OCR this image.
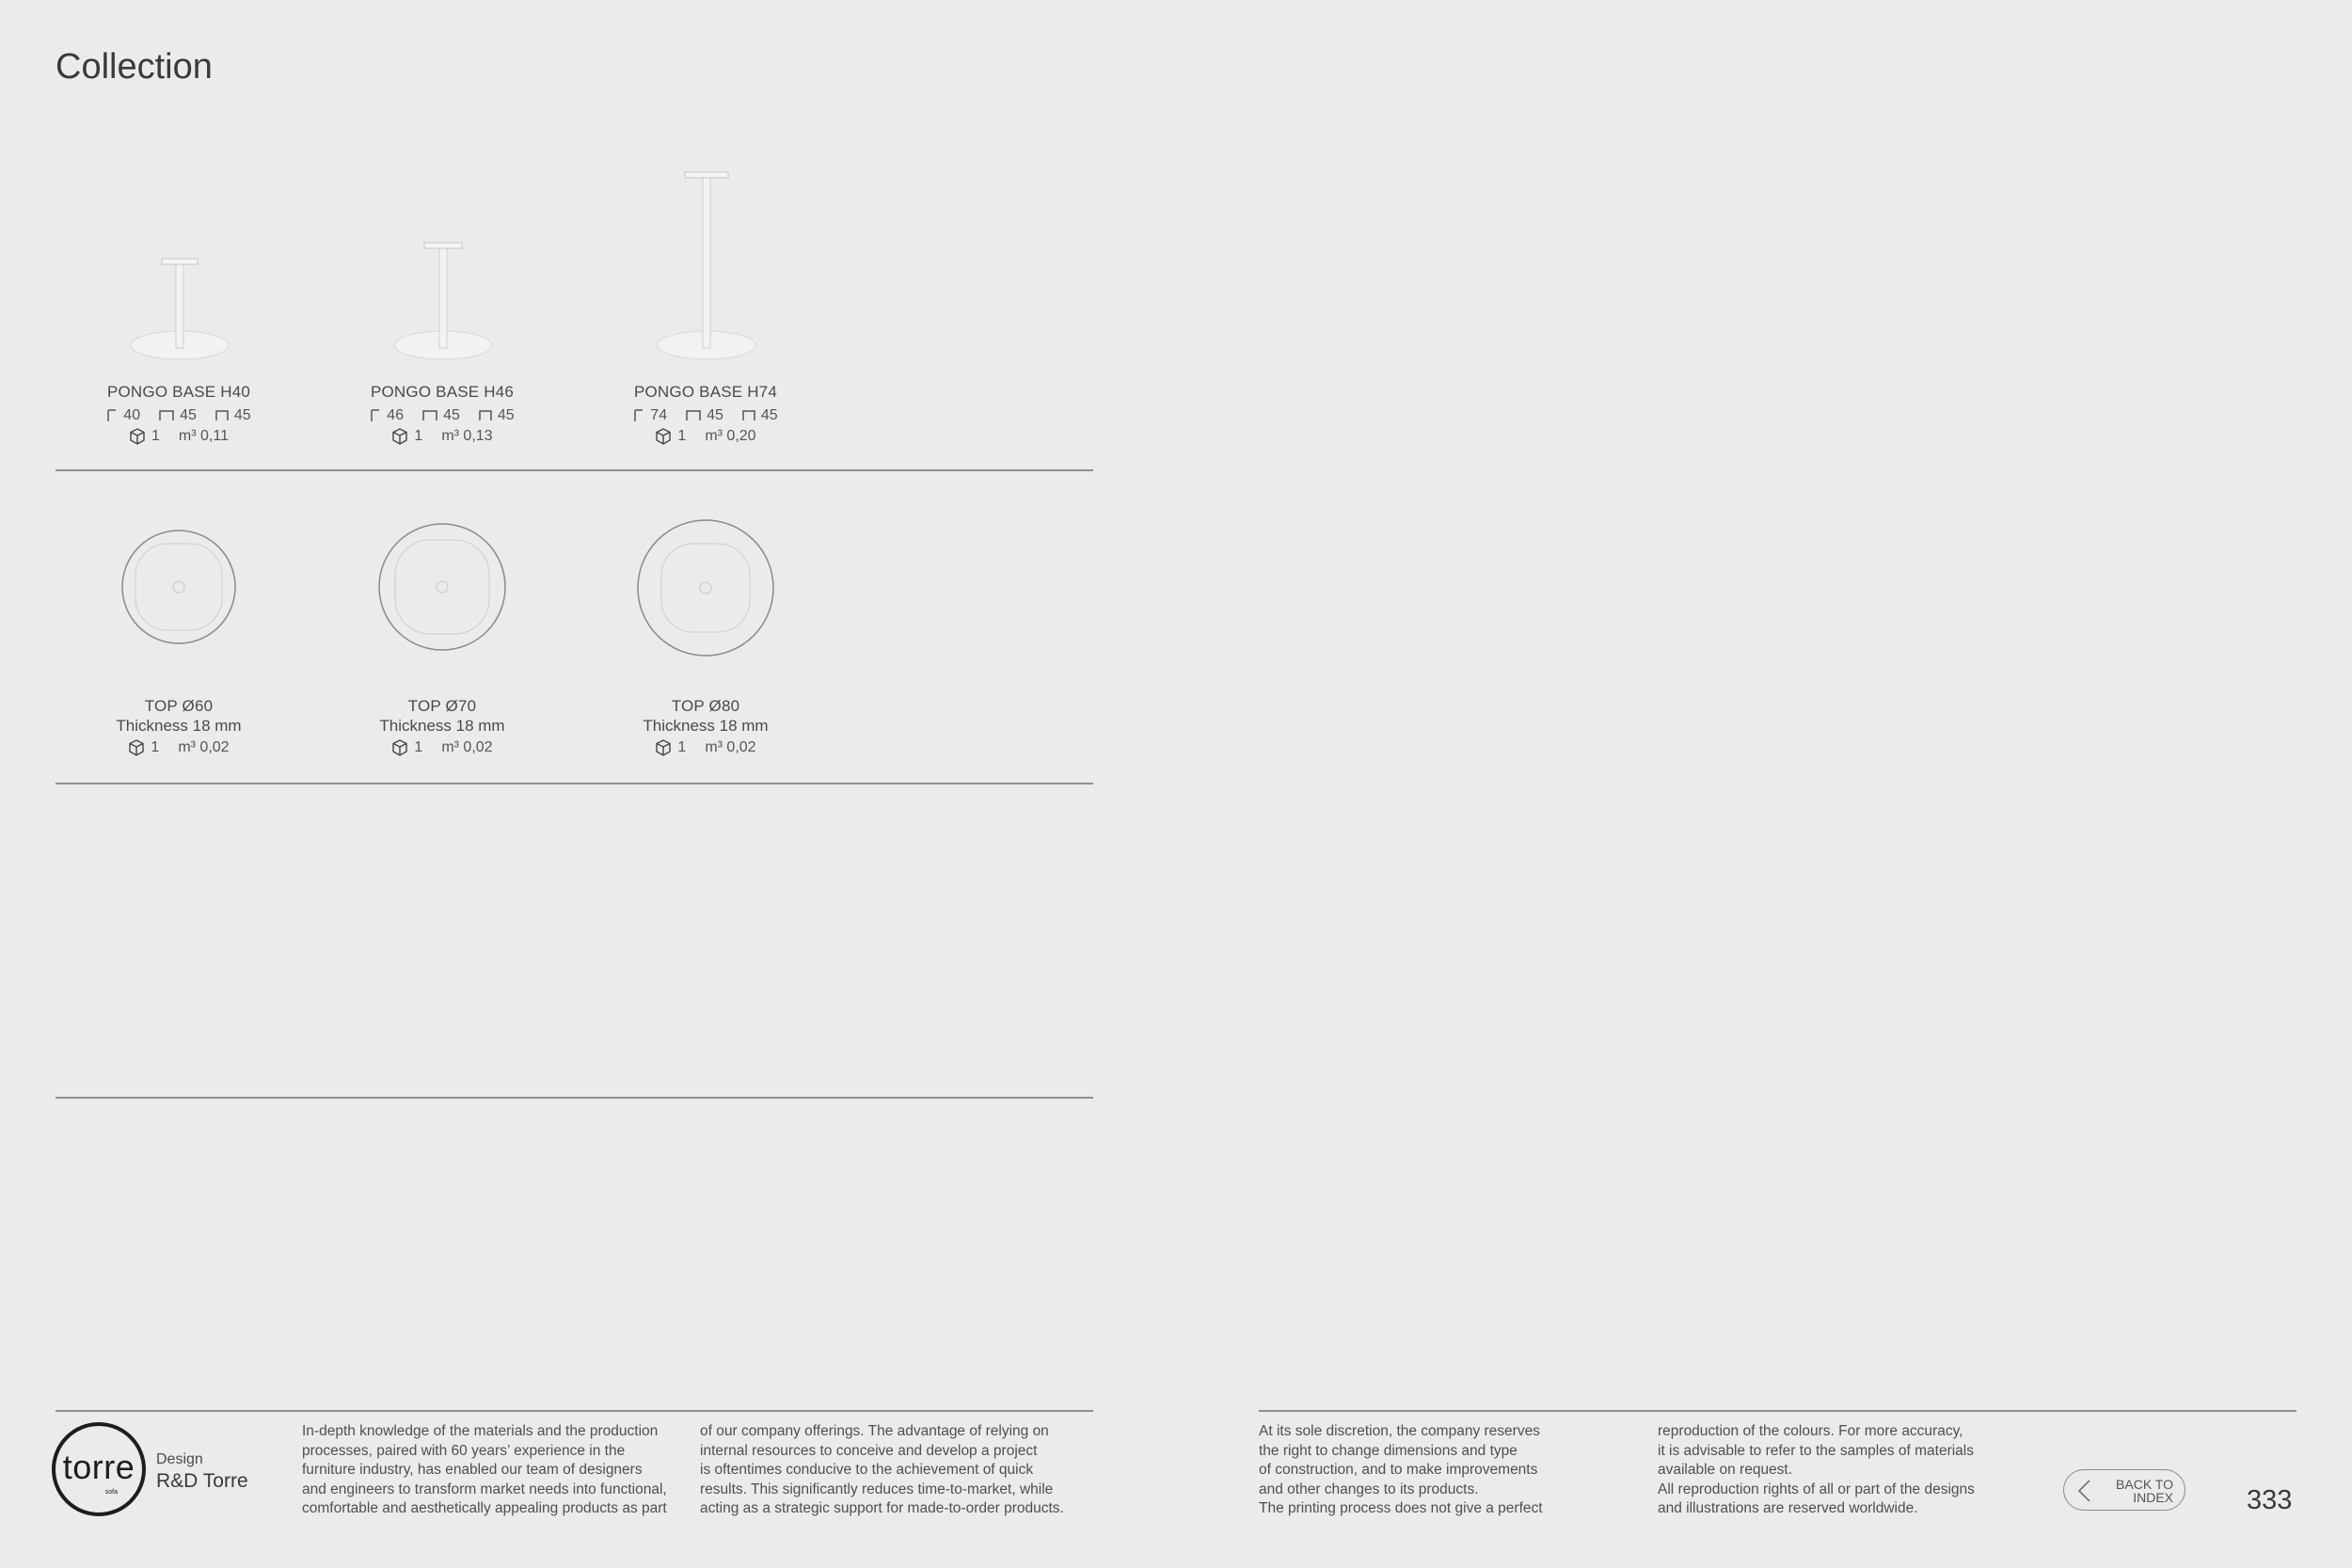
Collection
PONGO BASE H40
40	45	45
1 m³ 0,11
PONGO BASE H46
46	45	45
1 m³ 0,13
PONGO BASE H74
74	45	45
1 m³ 0,20
TOP Ø60
Thickness 18 mm
1 m³ 0,02
TOP Ø70
Thickness 18 mm
1 m³ 0,02
TOP Ø80
Thickness 18 mm
1 m³ 0,02
torre
sofa
Design
R&D Torre
In-depth knowledge of the materials and the production
processes, paired with 60 years’ experience in the
furniture industry, has enabled our team of designers
and engineers to transform market needs into functional,
comfortable and aesthetically appealing products as part
of our company offerings. The advantage of relying on
internal resources to conceive and develop a project
is oftentimes conducive to the achievement of quick
results. This significantly reduces time-to-market, while
acting as a strategic support for made-to-order products.
At its sole discretion, the company reserves
the right to change dimensions and type
of construction, and to make improvements
and other changes to its products.
The printing process does not give a perfect
reproduction of the colours. For more accuracy,
it is advisable to refer to the samples of materials
available on request.
All reproduction rights of all or part of the designs
and illustrations are reserved worldwide.
BACK TO
INDEX	333
